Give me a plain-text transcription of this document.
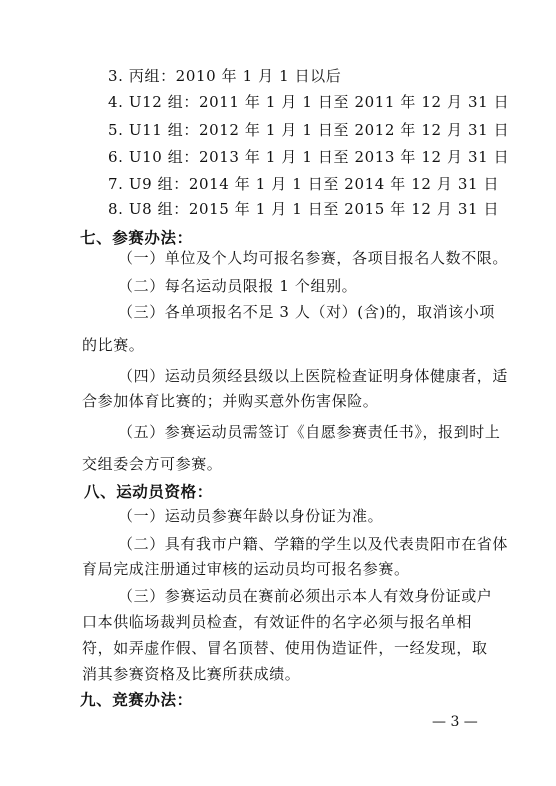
3. 丙组：2010 年 1 月 1 日以后
4. U12 组：2011 年 1 月 1 日至 2011 年 12 月 31 日
5. U11 组：2012 年 1 月 1 日至 2012 年 12 月 31 日
6. U10 组：2013 年 1 月 1 日至 2013 年 12 月 31 日
7. U9 组：2014 年 1 月 1 日至 2014 年 12 月 31 日
8. U8 组：2015 年 1 月 1 日至 2015 年 12 月 31 日
七、参赛办法：
（一）单位及个人均可报名参赛，各项目报名人数不限。
（二）每名运动员限报 1 个组别。
（三）各单项报名不足 3 人（对）(含)的，取消该小项
的比赛。
（四）运动员须经县级以上医院检查证明身体健康者，适
合参加体育比赛的；并购买意外伤害保险。
（五）参赛运动员需签订《自愿参赛责任书》，报到时上
交组委会方可参赛。
八、运动员资格：
（一）运动员参赛年龄以身份证为准。
（二）具有我市户籍、学籍的学生以及代表贵阳市在省体
育局完成注册通过审核的运动员均可报名参赛。
（三）参赛运动员在赛前必须出示本人有效身份证或户
口本供临场裁判员检查，有效证件的名字必须与报名单相
符，如弄虚作假、冒名顶替、使用伪造证件，一经发现，取
消其参赛资格及比赛所获成绩。
九、竞赛办法：
— 3 —
